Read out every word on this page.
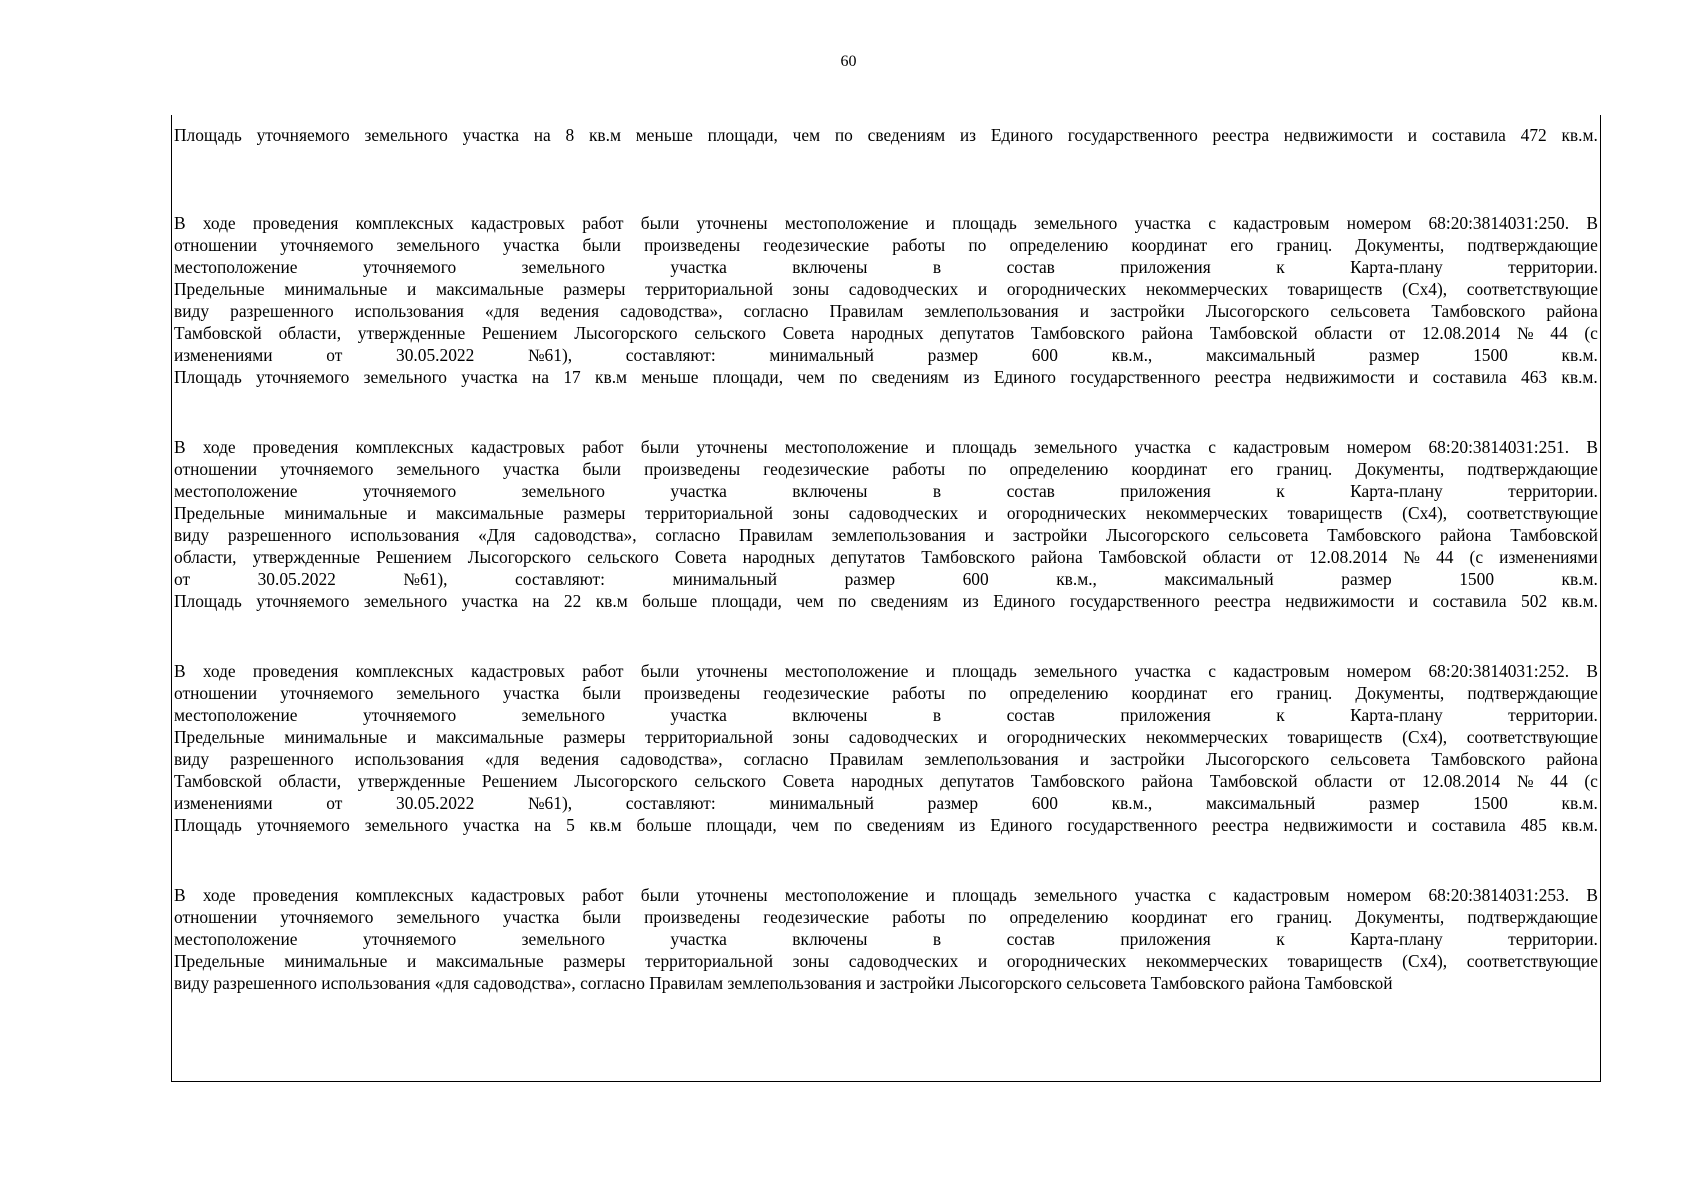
60
Площадь уточняемого земельного участка на 8 кв.м меньше площади, чем по сведениям из Единого государственного реестра недвижимости и составила 472 кв.м.
В ходе проведения комплексных кадастровых работ были уточнены местоположение и площадь земельного участка с кадастровым номером 68:20:3814031:250. В
отношении уточняемого земельного участка были произведены геодезические работы по определению координат его границ. Документы, подтверждающие
местоположение	уточняемого	земельного	участка	включены	в	состав	приложения	к	Карта-плану	территории.
Предельные минимальные и максимальные размеры территориальной зоны садоводческих и огороднических некоммерческих товариществ (Сх4), соответствующие
виду разрешенного использования «для ведения садоводства», согласно Правилам землепользования и застройки Лысогорского сельсовета Тамбовского района
Тамбовской области, утвержденные Решением Лысогорского сельского Совета народных депутатов Тамбовского района Тамбовской области от 12.08.2014 № 44 (с
изменениями	от	30.05.2022	№61),	составляют:	минимальный	размер	600	кв.м.,	максимальный	размер	1500	кв.м.
Площадь уточняемого земельного участка на 17 кв.м меньше площади, чем по сведениям из Единого государственного реестра недвижимости и составила 463 кв.м.
В ходе проведения комплексных кадастровых работ были уточнены местоположение и площадь земельного участка с кадастровым номером 68:20:3814031:251. В
отношении уточняемого земельного участка были произведены геодезические работы по определению координат его границ. Документы, подтверждающие
местоположение	уточняемого	земельного	участка	включены	в	состав	приложения	к	Карта-плану	территории.
Предельные минимальные и максимальные размеры территориальной зоны садоводческих и огороднических некоммерческих товариществ (Сх4), соответствующие
виду разрешенного использования «Для садоводства», согласно Правилам землепользования и застройки Лысогорского сельсовета Тамбовского района Тамбовской
области, утвержденные Решением Лысогорского сельского Совета народных депутатов Тамбовского района Тамбовской области от 12.08.2014 № 44 (с изменениями
от	30.05.2022	№61),	составляют:	минимальный	размер	600	кв.м.,	максимальный	размер	1500	кв.м.
Площадь уточняемого земельного участка на 22 кв.м больше площади, чем по сведениям из Единого государственного реестра недвижимости и составила 502 кв.м.
В ходе проведения комплексных кадастровых работ были уточнены местоположение и площадь земельного участка с кадастровым номером 68:20:3814031:252. В
отношении уточняемого земельного участка были произведены геодезические работы по определению координат его границ. Документы, подтверждающие
местоположение	уточняемого	земельного	участка	включены	в	состав	приложения	к	Карта-плану	территории.
Предельные минимальные и максимальные размеры территориальной зоны садоводческих и огороднических некоммерческих товариществ (Сх4), соответствующие
виду разрешенного использования «для ведения садоводства», согласно Правилам землепользования и застройки Лысогорского сельсовета Тамбовского района
Тамбовской области, утвержденные Решением Лысогорского сельского Совета народных депутатов Тамбовского района Тамбовской области от 12.08.2014 № 44 (с
изменениями	от	30.05.2022	№61),	составляют:	минимальный	размер	600	кв.м.,	максимальный	размер	1500	кв.м.
Площадь уточняемого земельного участка на 5 кв.м больше площади, чем по сведениям из Единого государственного реестра недвижимости и составила 485 кв.м.
В ходе проведения комплексных кадастровых работ были уточнены местоположение и площадь земельного участка с кадастровым номером 68:20:3814031:253. В
отношении уточняемого земельного участка были произведены геодезические работы по определению координат его границ. Документы, подтверждающие
местоположение	уточняемого	земельного	участка	включены	в	состав	приложения	к	Карта-плану	территории.
Предельные минимальные и максимальные размеры территориальной зоны садоводческих и огороднических некоммерческих товариществ (Сх4), соответствующие
виду разрешенного использования «для садоводства», согласно Правилам землепользования и застройки Лысогорского сельсовета Тамбовского района Тамбовской
